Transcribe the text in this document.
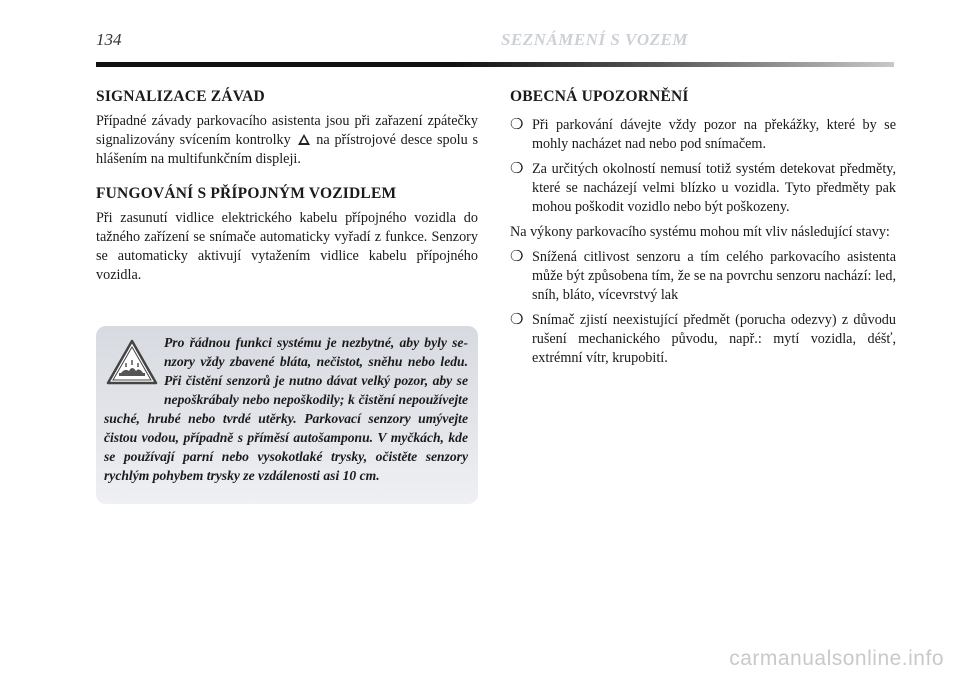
134	SEZNÁMENÍ S VOZEM
SIGNALIZACE ZÁVAD

Případné závady parkovacího asistenta jsou při zařazení zpátečky signalizovány svícením kontrolky  na přístrojové desce spolu s hlášením na multifunkčním displeji.

FUNGOVÁNÍ S PŘÍPOJNÝM VOZIDLEM

Při zasunutí vidlice elektrického kabelu přípojného vozidla do tažného zařízení se snímače automaticky vyřadí z funkce. Senzory se automaticky aktivují vytažením vidlice kabelu přípojného vozidla.

Pro řádnou funkci systému je nezbytné, aby byly senzory vždy zbavené bláta, nečistot, sněhu nebo ledu. Při čistění senzorů je nutno dávat velký pozor, aby se nepoškrábaly nebo nepoškodily; k čistění nepoužívejte suché, hrubé nebo tvrdé utěrky. Parkovací senzory umývejte čistou vodou, případně s příměsí autošamponu. V myčkách, kde se používají parní nebo vysokotlaké trysky, očistěte senzory rychlým pohybem trysky ze vzdálenosti asi 10 cm.
OBECNÁ UPOZORNĚNÍ
❍ Při parkování dávejte vždy pozor na překážky, které by se mohly nacházet nad nebo pod snímačem.
❍ Za určitých okolností nemusí totiž systém detekovat předměty, které se nacházejí velmi blízko u vozidla. Tyto předměty pak mohou poškodit vozidlo nebo být poškozeny.

Na výkony parkovacího systému mohou mít vliv následující stavy:

❍ Snížená citlivost senzoru a tím celého parkovacího asistenta může být způsobena tím, že se na povrchu senzoru nachází: led, sníh, bláto, vícevrstvý lak
❍ Snímač zjistí neexistující předmět (porucha odezvy) z důvodu rušení mechanického původu, např.: mytí vozidla, déšť, extrémní vítr, krupobití.
carmanualsonline.info
